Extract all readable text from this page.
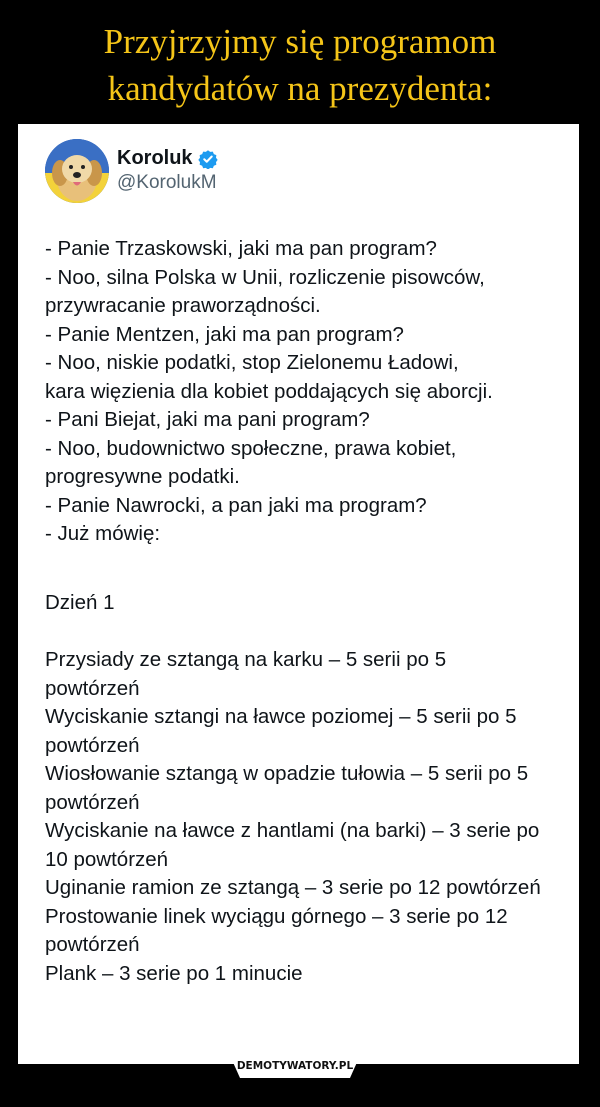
Przyjrzyjmy się programom
kandydatów na prezydenta:
Koroluk
@KorolukM
- Panie Trzaskowski, jaki ma pan program?
- Noo, silna Polska w Unii, rozliczenie pisowców,
przywracanie praworządności.
- Panie Mentzen, jaki ma pan program?
- Noo, niskie podatki, stop Zielonemu Ładowi,
kara więzienia dla kobiet poddających się aborcji.
- Pani Biejat, jaki ma pani program?
- Noo, budownictwo społeczne, prawa kobiet,
progresywne podatki.
- Panie Nawrocki, a pan jaki ma program?
- Już mówię:
Dzień 1
Przysiady ze sztangą na karku – 5 serii po 5 powtórzeń
Wyciskanie sztangi na ławce poziomej – 5 serii po 5 powtórzeń
Wiosłowanie sztangą w opadzie tułowia – 5 serii po 5 powtórzeń
Wyciskanie na ławce z hantlami (na barki) – 3 serie po 10 powtórzeń
Uginanie ramion ze sztangą – 3 serie po 12 powtórzeń
Prostowanie linek wyciągu górnego – 3 serie po 12 powtórzeń
Plank – 3 serie po 1 minucie
DEMOTYWATORY.PL
